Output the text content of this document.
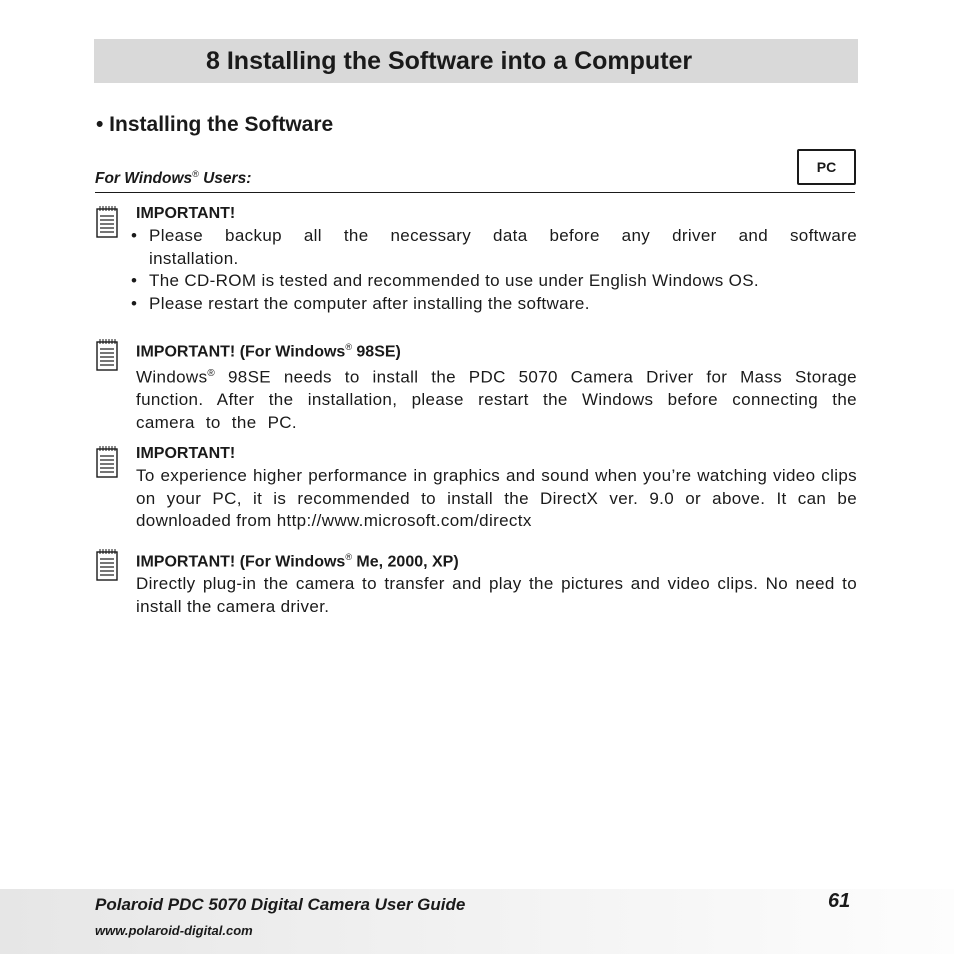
8 Installing the Software into a Computer
• Installing the Software
For Windows® Users:
PC
IMPORTANT!
• Please backup all the necessary data before any driver and software installation.
• The CD-ROM is tested and recommended to use under English Windows OS.
• Please restart the computer after installing the software.
IMPORTANT! (For Windows® 98SE)
Windows® 98SE needs to install the PDC 5070 Camera Driver for Mass Storage function. After the installation, please restart the Windows before connecting the camera to the PC.
IMPORTANT!
To experience higher performance in graphics and sound when you’re watching video clips on your PC, it is recommended to install the DirectX ver. 9.0 or above. It can be downloaded from http://www.microsoft.com/directx
IMPORTANT! (For Windows® Me, 2000, XP)
Directly plug-in the camera to transfer and play the pictures and video clips. No need to install the camera driver.
Polaroid PDC 5070 Digital Camera User Guide
www.polaroid-digital.com
61
